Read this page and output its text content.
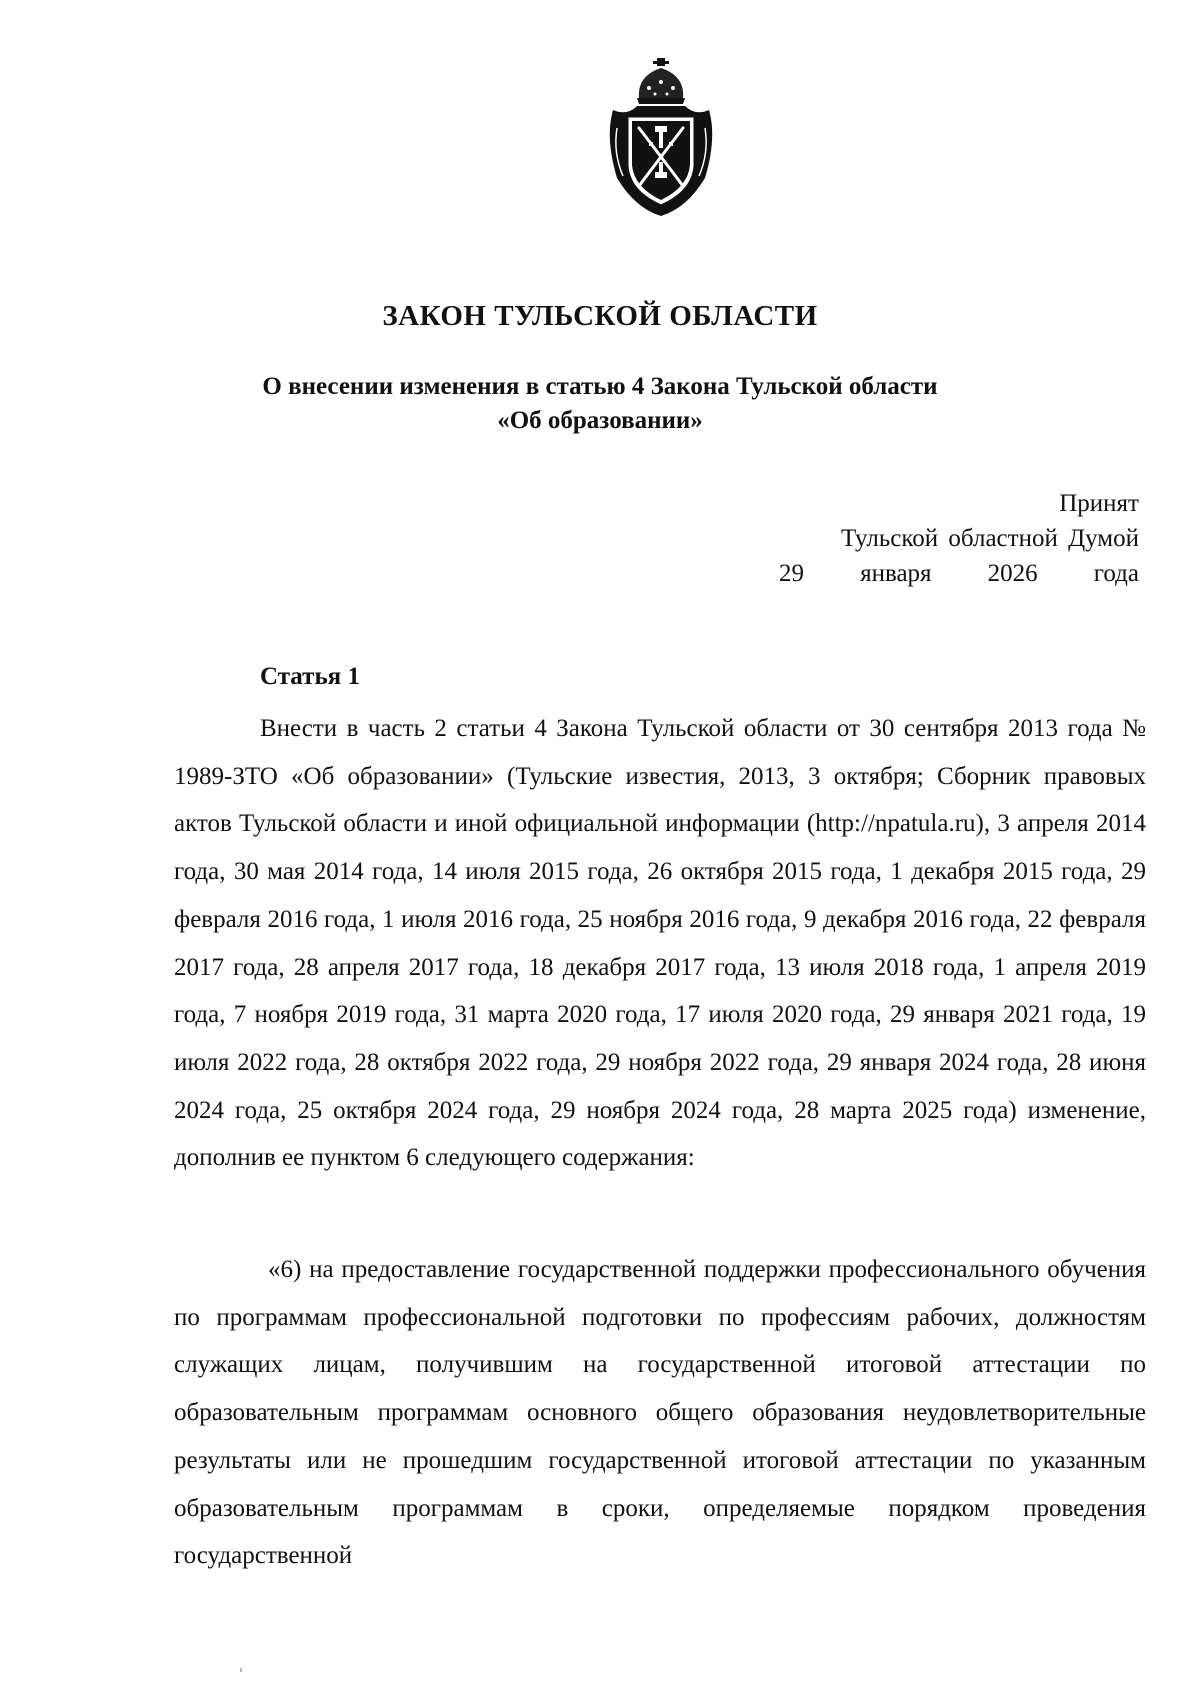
ЗАКОН ТУЛЬСКОЙ ОБЛАСТИ
О внесении изменения в статью 4 Закона Тульской области
«Об образовании»
Принят
Тульской областной Думой
29 января 2026 года
Статья 1

Внести в часть 2 статьи 4 Закона Тульской области от 30 сентября 2013 года № 1989-ЗТО «Об образовании» (Тульские известия, 2013, 3 октября; Сборник правовых актов Тульской области и иной официальной информации (http://npatula.ru), 3 апреля 2014 года, 30 мая 2014 года, 14 июля 2015 года, 26 октября 2015 года, 1 декабря 2015 года, 29 февраля 2016 года, 1 июля 2016 года, 25 ноября 2016 года, 9 декабря 2016 года, 22 февраля 2017 года, 28 апреля 2017 года, 18 декабря 2017 года, 13 июля 2018 года, 1 апреля 2019 года, 7 ноября 2019 года, 31 марта 2020 года, 17 июля 2020 года, 29 января 2021 года, 19 июля 2022 года, 28 октября 2022 года, 29 ноября 2022 года, 29 января 2024 года, 28 июня 2024 года, 25 октября 2024 года, 29 ноября 2024 года, 28 марта 2025 года) изменение, дополнив ее пунктом 6 следующего содержания:

«6) на предоставление государственной поддержки профессионального обучения по программам профессиональной подготовки по профессиям рабочих, должностям служащих лицам, получившим на государственной итоговой аттестации по образовательным программам основного общего образования неудовлетворительные результаты или не прошедшим государственной итоговой аттестации по указанным образовательным программам в сроки, определяемые порядком проведения государственной
